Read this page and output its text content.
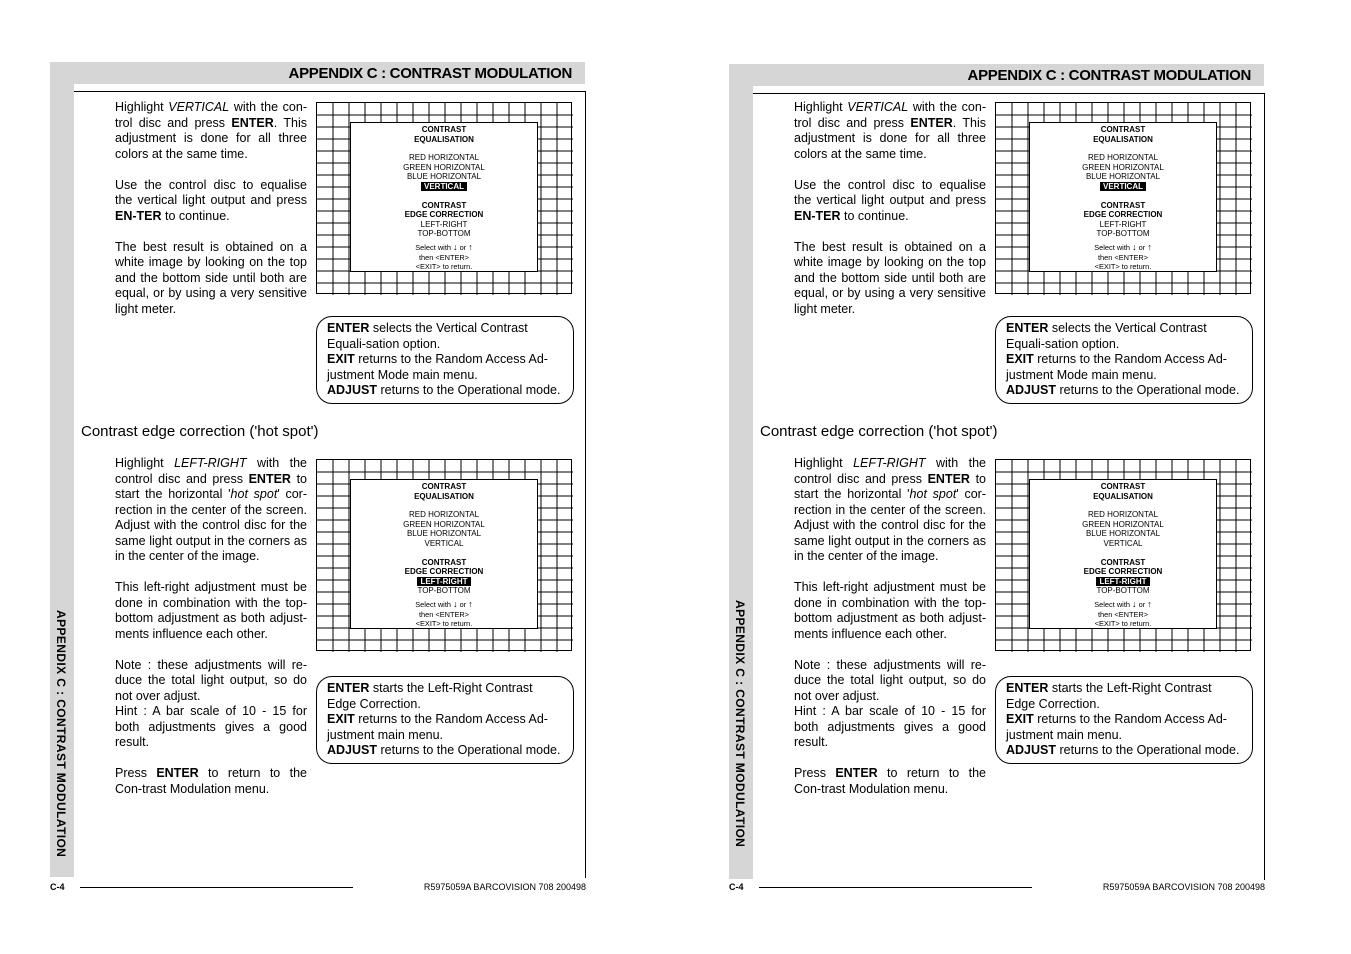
APPENDIX C : CONTRAST MODULATION
APPENDIX C : CONTRAST MODULATION

Highlight VERTICAL with the con-trol disc and press ENTER. This adjustment is done for all three colors at the same time.

Use the control disc to equalise the vertical light output and press EN-TER to continue.

The best result is obtained on a white image by looking on the top and the bottom side until both are equal, or by using a very sensitive light meter.

CONTRAST
EQUALISATION
RED HORIZONTAL
GREEN HORIZONTAL
BLUE HORIZONTAL
VERTICAL
CONTRAST
EDGE CORRECTION
LEFT-RIGHT
TOP-BOTTOM
Select with ↓ or ↑
then <ENTER>
<EXIT> to return.

ENTER selects the Vertical Contrast Equali-sation option.

EXIT returns to the Random Access Ad-justment Mode main menu.

ADJUST returns to the Operational mode.

Contrast edge correction ('hot spot')

Highlight LEFT-RIGHT with the control disc and press ENTER to start the horizontal 'hot spot' cor-rection in the center of the screen. Adjust with the control disc for the same light output in the corners as in the center of the image.

This left-right adjustment must be done in combination with the top-bottom adjustment as both adjust-ments influence each other.

Note : these adjustments will re-duce the total light output, so do not over adjust.

Hint : A bar scale of 10 - 15 for both adjustments gives a good result.

Press ENTER to return to the Con-trast Modulation menu.

CONTRAST
EQUALISATION
RED HORIZONTAL
GREEN HORIZONTAL
BLUE HORIZONTAL
VERTICAL
CONTRAST
EDGE CORRECTION
LEFT-RIGHT
TOP-BOTTOM
Select with ↓ or ↑
then <ENTER>
<EXIT> to return.

ENTER starts the Left-Right Contrast Edge Correction.

EXIT returns to the Random Access Ad-justment main menu.

ADJUST returns to the Operational mode.

C-4	R5975059A BARCOVISION 708 200498
APPENDIX C : CONTRAST MODULATION
APPENDIX C : CONTRAST MODULATION

Highlight VERTICAL with the con-trol disc and press ENTER. This adjustment is done for all three colors at the same time.

Use the control disc to equalise the vertical light output and press EN-TER to continue.

The best result is obtained on a white image by looking on the top and the bottom side until both are equal, or by using a very sensitive light meter.

CONTRAST
EQUALISATION
RED HORIZONTAL
GREEN HORIZONTAL
BLUE HORIZONTAL
VERTICAL
CONTRAST
EDGE CORRECTION
LEFT-RIGHT
TOP-BOTTOM
Select with ↓ or ↑
then <ENTER>
<EXIT> to return.

ENTER selects the Vertical Contrast Equali-sation option.

EXIT returns to the Random Access Ad-justment Mode main menu.

ADJUST returns to the Operational mode.

Contrast edge correction ('hot spot')

Highlight LEFT-RIGHT with the control disc and press ENTER to start the horizontal 'hot spot' cor-rection in the center of the screen. Adjust with the control disc for the same light output in the corners as in the center of the image.

This left-right adjustment must be done in combination with the top-bottom adjustment as both adjust-ments influence each other.

Note : these adjustments will re-duce the total light output, so do not over adjust.

Hint : A bar scale of 10 - 15 for both adjustments gives a good result.

Press ENTER to return to the Con-trast Modulation menu.

CONTRAST
EQUALISATION
RED HORIZONTAL
GREEN HORIZONTAL
BLUE HORIZONTAL
VERTICAL
CONTRAST
EDGE CORRECTION
LEFT-RIGHT
TOP-BOTTOM
Select with ↓ or ↑
then <ENTER>
<EXIT> to return.

ENTER starts the Left-Right Contrast Edge Correction.

EXIT returns to the Random Access Ad-justment main menu.

ADJUST returns to the Operational mode.

C-4	R5975059A BARCOVISION 708 200498
